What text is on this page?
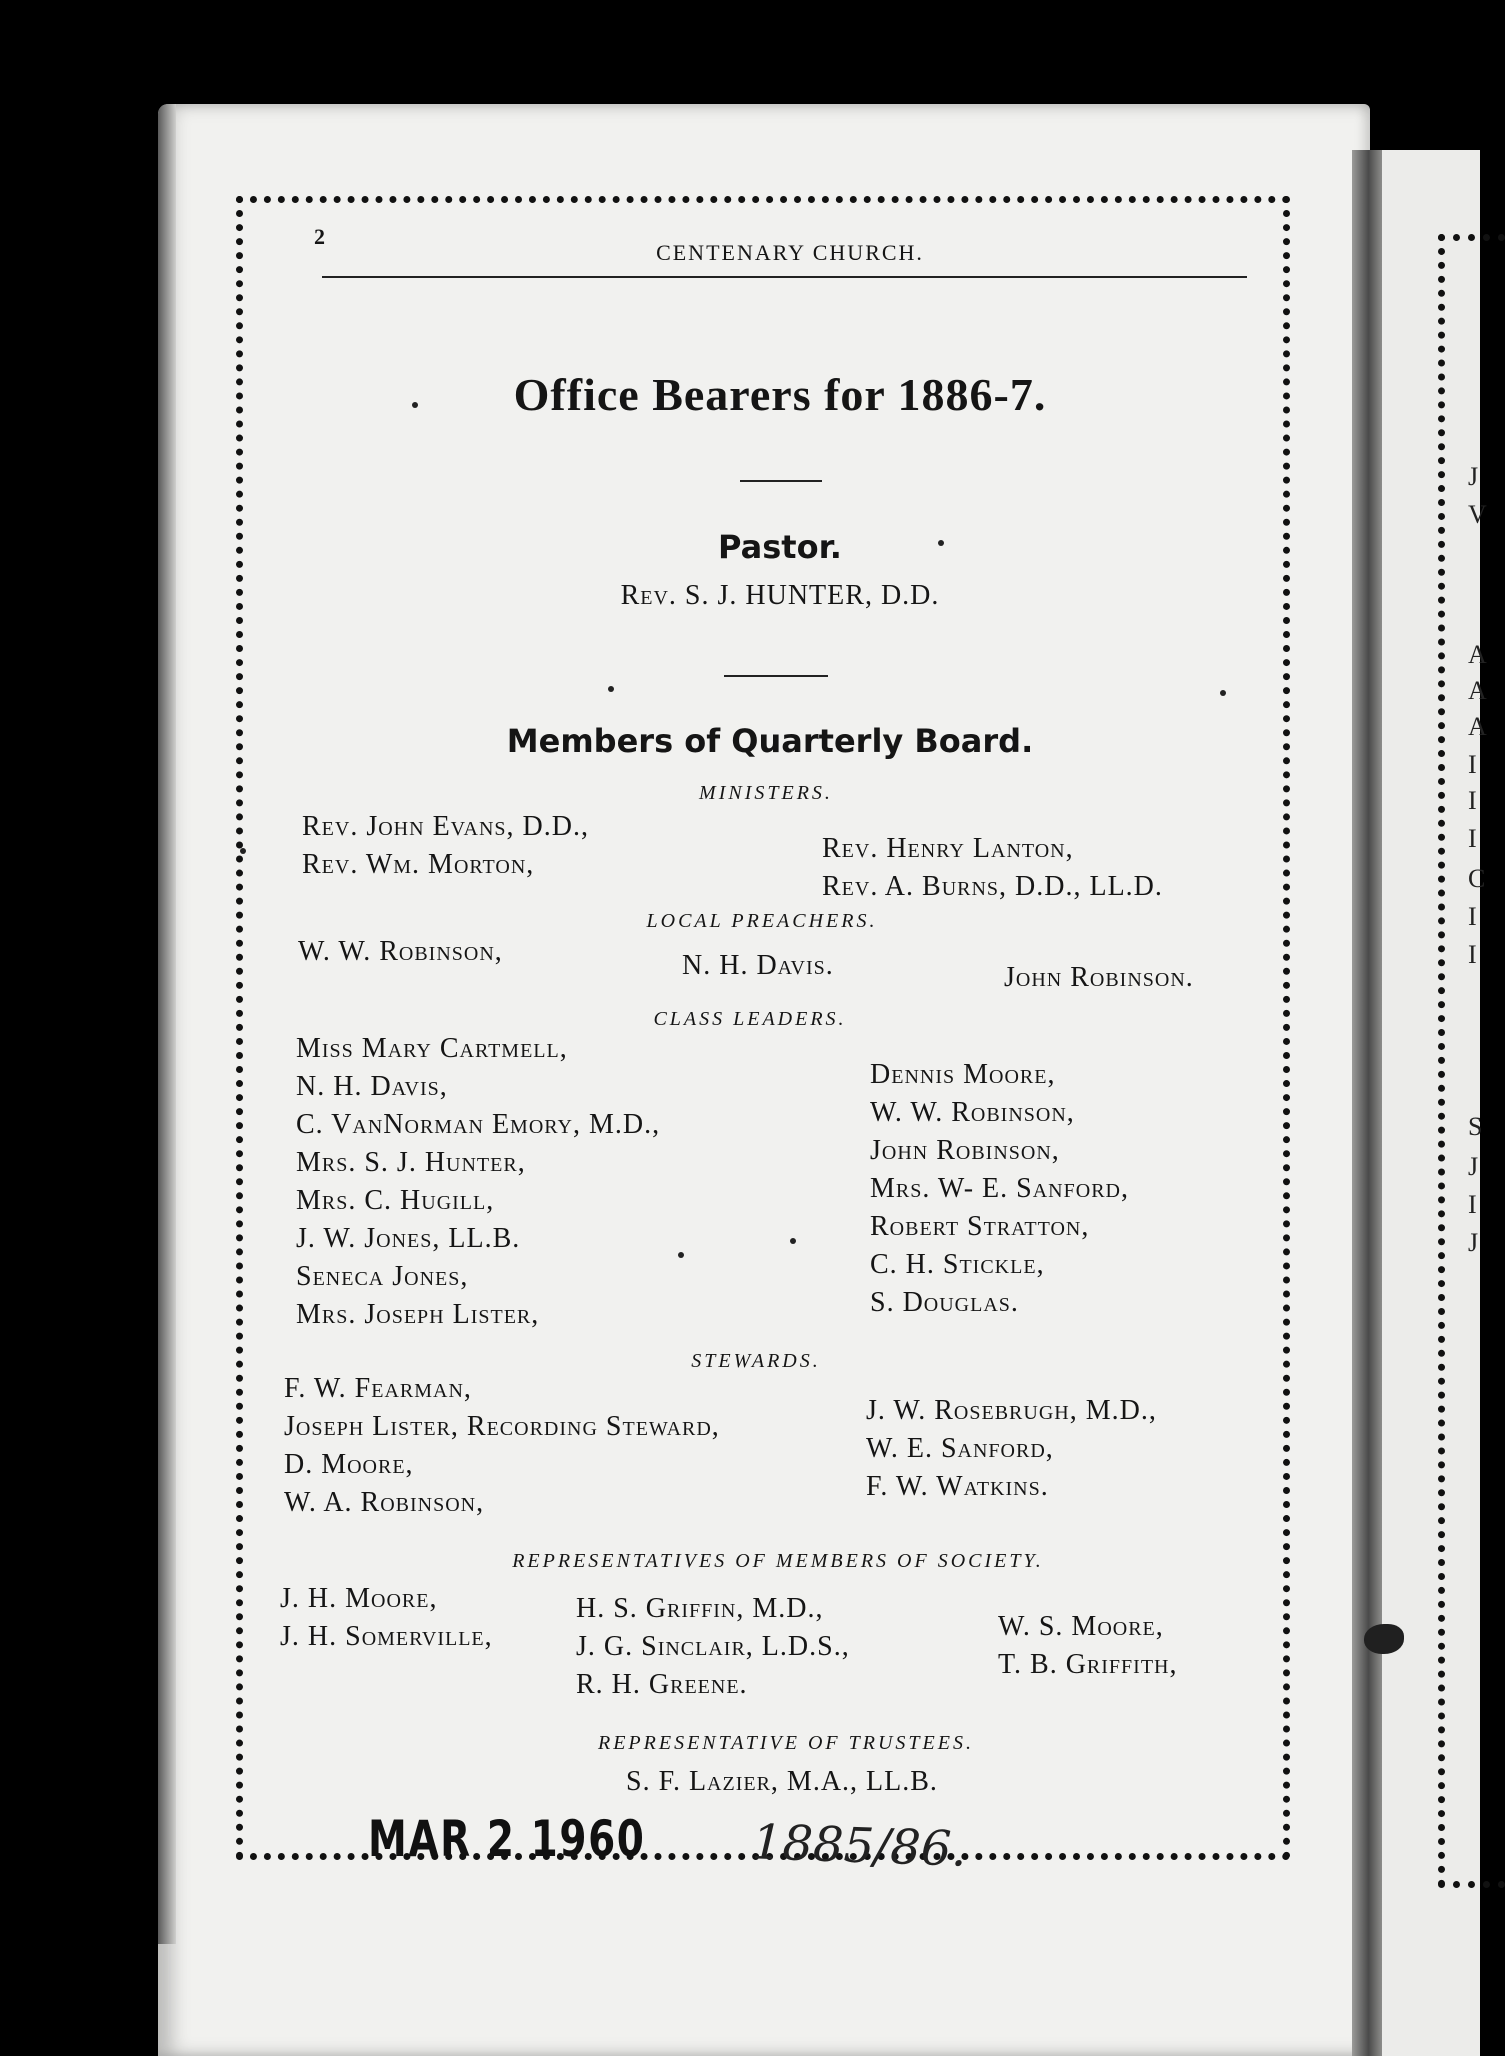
J
V
A
A
A
I
I
I
C
I
I
S
J
I
J
2
CENTENARY CHURCH.
Office Bearers for 1886-7.
Pastor.
Rev. S. J. HUNTER, D.D.
Members of Quarterly Board.
MINISTERS.
Rev. John Evans, D.D.,
Rev. Wm. Morton,
Rev. Henry Lanton,
Rev. A. Burns, D.D., LL.D.
LOCAL PREACHERS.
W. W. Robinson,	N. H. Davis.	John Robinson.
CLASS LEADERS.
Miss Mary Cartmell,
N. H. Davis,
C. VanNorman Emory, M.D.,
Mrs. S. J. Hunter,
Mrs. C. Hugill,
J. W. Jones, LL.B.
Seneca Jones,
Mrs. Joseph Lister,
Dennis Moore,
W. W. Robinson,
John Robinson,
Mrs. W- E. Sanford,
Robert Stratton,
C. H. Stickle,
S. Douglas.
STEWARDS.
F. W. Fearman,
Joseph Lister, Recording Steward,
D. Moore,
W. A. Robinson,
J. W. Rosebrugh, M.D.,
W. E. Sanford,
F. W. Watkins.
REPRESENTATIVES OF MEMBERS OF SOCIETY.
J. H. Moore,
J. H. Somerville,
H. S. Griffin, M.D.,
J. G. Sinclair, L.D.S.,
R. H. Greene.
W. S. Moore,
T. B. Griffith,
REPRESENTATIVE OF TRUSTEES.
S. F. Lazier, M.A., LL.B.
MAR 2 1960 1885/86.
